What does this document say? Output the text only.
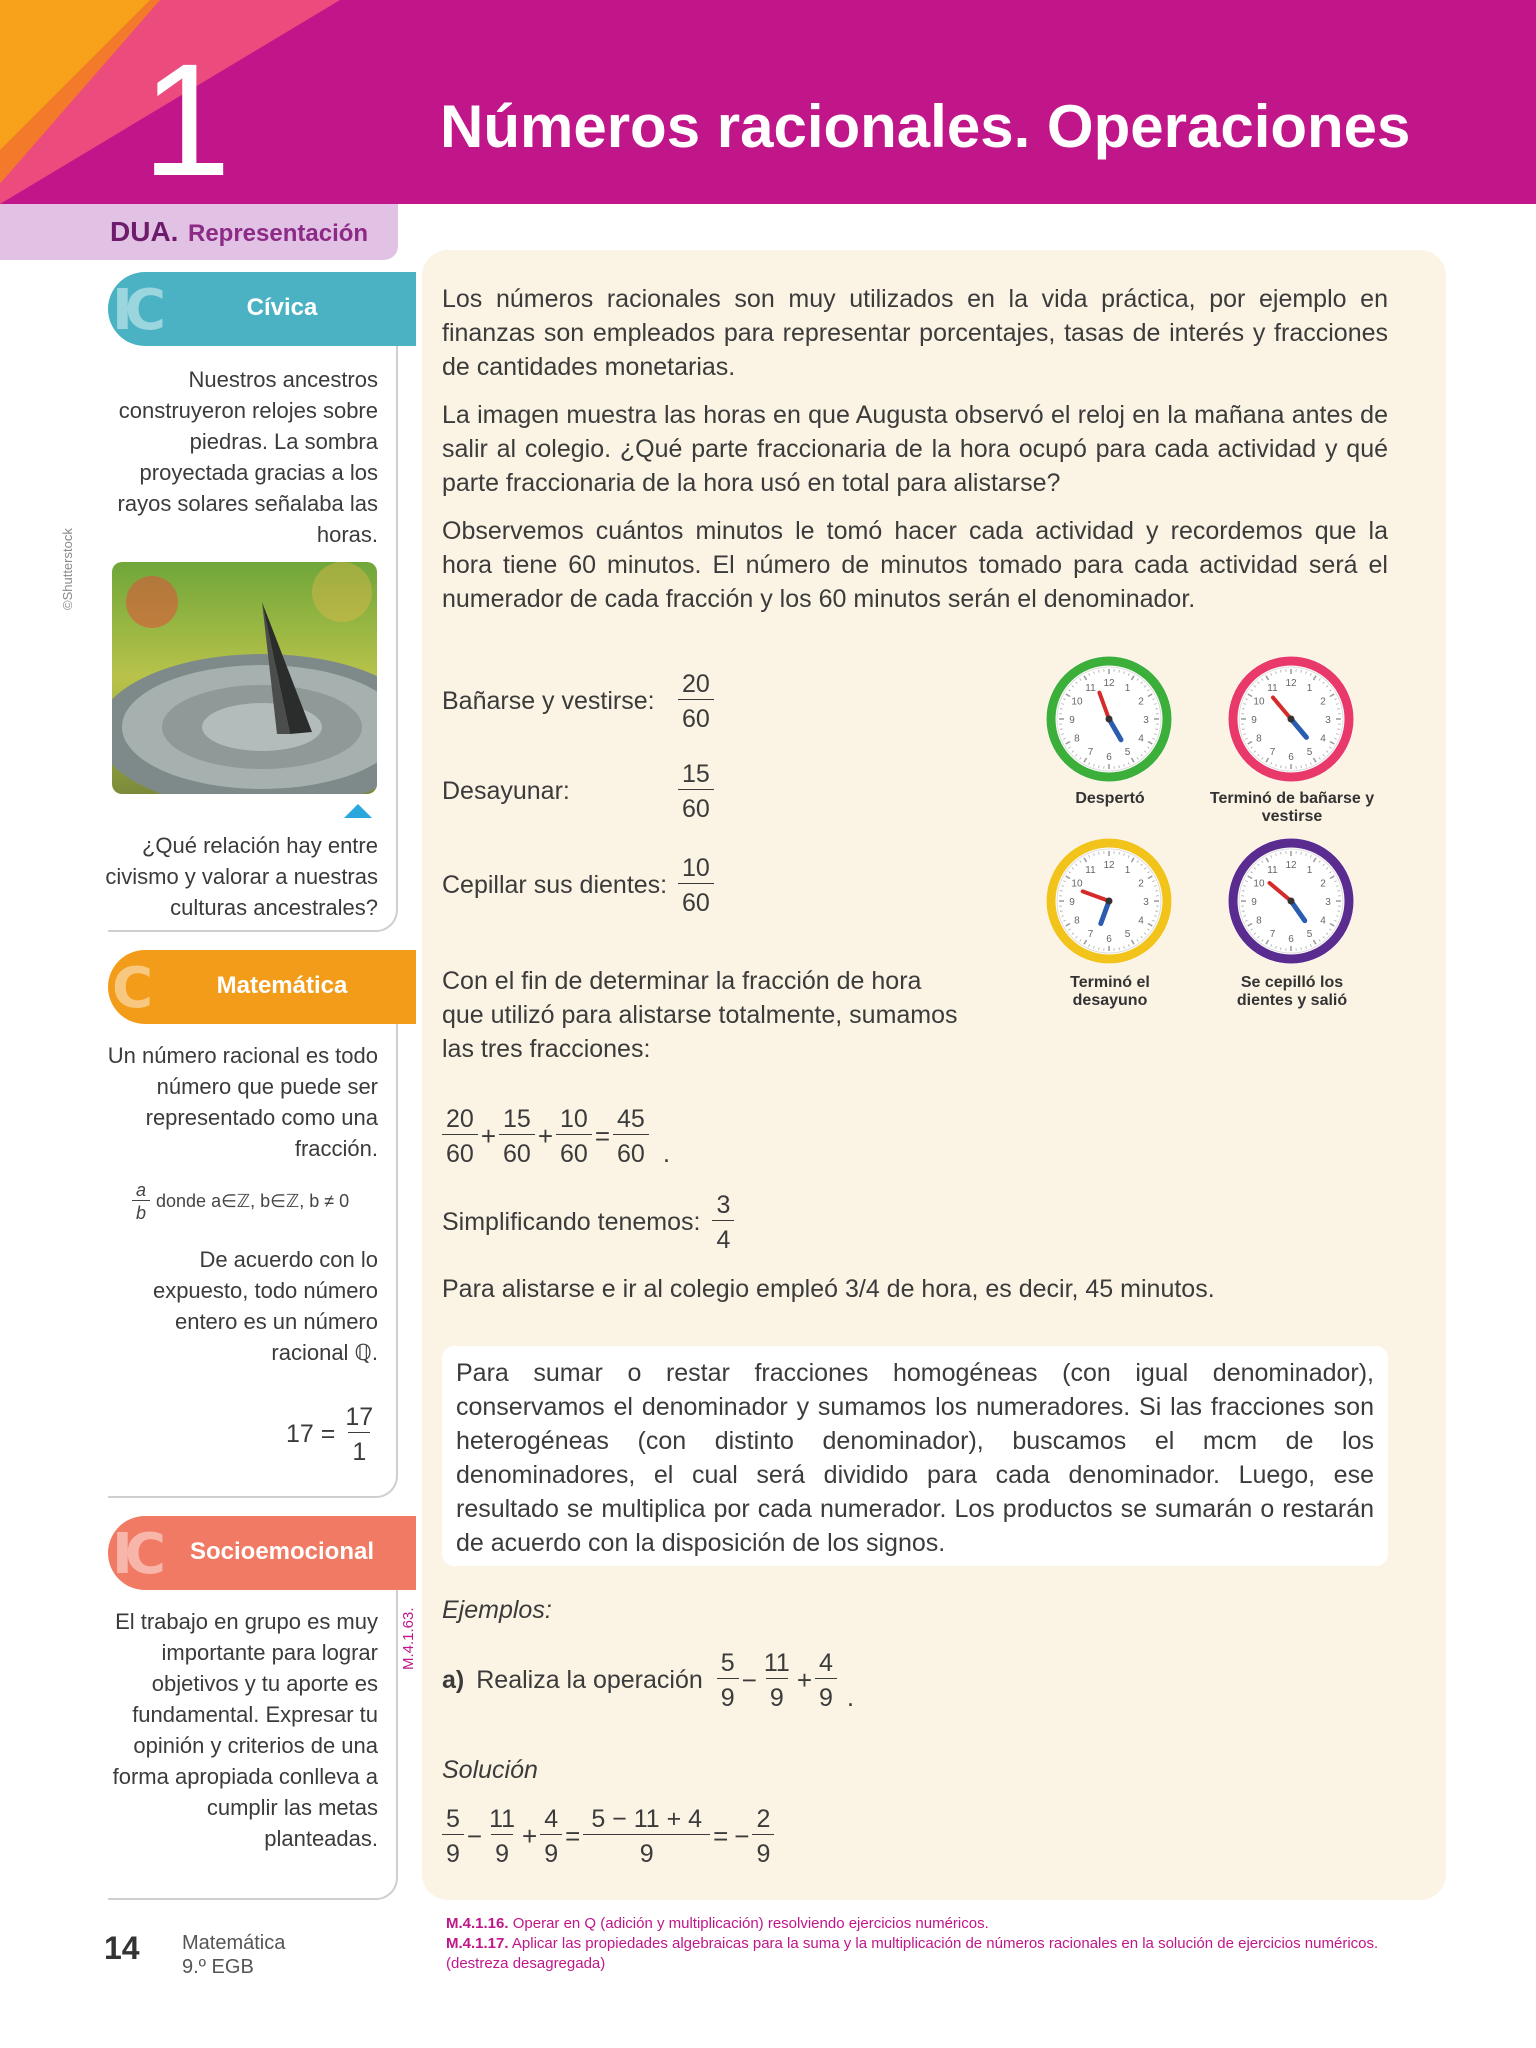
1	Números racionales. Operaciones
DUA. Representación
IC	Cívica
Nuestros ancestros construyeron relojes sobre piedras. La sombra proyectada gracias a los rayos solares señalaba las horas.
©Shutterstock
¿Qué relación hay entre civismo y valorar a nuestras culturas ancestrales?
C	Matemática
Un número racional es todo número que puede ser representado como una fracción.
$\frac{a}{b}$ donde a∈ℤ, b∈ℤ, b ≠ 0
De acuerdo con lo expuesto, todo número entero es un número racional ℚ.
$17 = \frac{17}{1}$
IC	Socioemocional
El trabajo en grupo es muy importante para lograr objetivos y tu aporte es fundamental. Expresar tu opinión y criterios de una forma apropiada conlleva a cumplir las metas planteadas.
M.4.1.63.
Los números racionales son muy utilizados en la vida práctica, por ejemplo en finanzas son empleados para representar porcentajes, tasas de interés y fracciones de cantidades monetarias.
La imagen muestra las horas en que Augusta observó el reloj en la mañana antes de salir al colegio. ¿Qué parte fraccionaria de la hora ocupó para cada actividad y qué parte fraccionaria de la hora usó en total para alistarse?
Observemos cuántos minutos le tomó hacer cada actividad y recordemos que la hora tiene 60 minutos. El número de minutos tomado para cada actividad será el numerador de cada fracción y los 60 minutos serán el denominador.
Bañarse y vestirse: $\frac{20}{60}$
Desayunar:	$\frac{15}{60}$
Cepillar sus dientes: $\frac{10}{60}$
1
2
3
4
5
6
7
8
9
10
11 12	1
2
3
4
5
6
7
8
9
10
11 12
1
2
3
4
5
6
7
8
9
10
11 12	1
2
3
4
5
6
7
8
9
10
11 12
Despertó	Terminó de bañarse y vestirse
Terminó el desayuno
Se cepilló los dientes y salió
Con el fin de determinar la fracción de hora que utilizó para alistarse totalmente, sumamos las tres fracciones:
$\frac{20}{60} + \frac{15}{60} + \frac{10}{60} = \frac{45}{60}$ .
Simplificando tenemos: $\frac{3}{4}$
Para alistarse e ir al colegio empleó 3/4 de hora, es decir, 45 minutos.

Para sumar o restar fracciones homogéneas (con igual denominador), conservamos el denominador y sumamos los numeradores. Si las fracciones son heterogéneas (con distinto denominador), buscamos el mcm de los denominadores, el cual será dividido para cada denominador. Luego, ese resultado se multiplica por cada numerador. Los productos se sumarán o restarán de acuerdo con la disposición de los signos.

Ejemplos:
a) Realiza la operación $\frac{5}{9} - \frac{11}{9} + \frac{4}{9}$ .
Solución
$\frac{5}{9} - \frac{11}{9} + \frac{4}{9} = \frac{5 - 11 + 4}{9}$ = − $\frac{2}{9}$
14 Matemática
9.º EGB
M.4.1.16. Operar en Q (adición y multiplicación) resolviendo ejercicios numéricos.
M.4.1.17. Aplicar las propiedades algebraicas para la suma y la multiplicación de números racionales en la solución de ejercicios numéricos. (destreza desagregada)
